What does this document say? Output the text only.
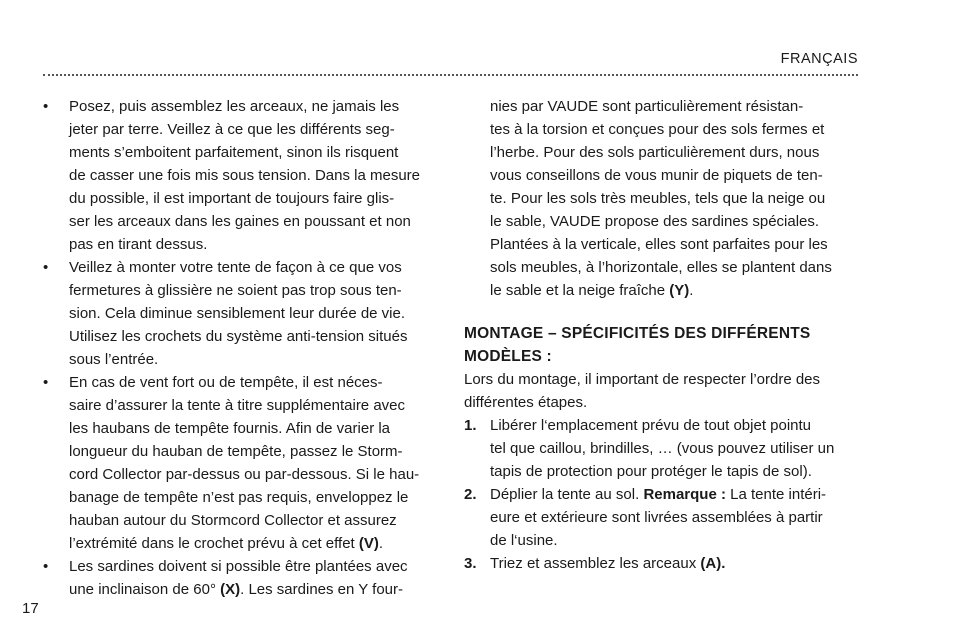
FRANÇAIS
• Posez, puis assemblez les arceaux, ne jamais les
jeter par terre. Veillez à ce que les différents seg-
ments s’emboitent parfaitement, sinon ils risquent
de casser une fois mis sous tension. Dans la mesure
du possible, il est important de toujours faire glis-
ser les arceaux dans les gaines en poussant et non
pas en tirant dessus.
• Veillez à monter votre tente de façon à ce que vos
fermetures à glissière ne soient pas trop sous ten-
sion. Cela diminue sensiblement leur durée de vie.
Utilisez les crochets du système anti-tension situés
sous l’entrée.
• En cas de vent fort ou de tempête, il est néces-
saire d’assurer la tente à titre supplémentaire avec
les haubans de tempête fournis. Afin de varier la
longueur du hauban de tempête, passez le Storm-
cord Collector par-dessus ou par-dessous. Si le hau-
banage de tempête n’est pas requis, enveloppez le
hauban autour du Stormcord Collector et assurez
l’extrémité dans le crochet prévu à cet effet (V).
• Les sardines doivent si possible être plantées avec
une inclinaison de 60° (X). Les sardines en Y four-
nies par VAUDE sont particulièrement résistan-
tes à la torsion et conçues pour des sols fermes et
l’herbe. Pour des sols particulièrement durs, nous
vous conseillons de vous munir de piquets de ten-
te. Pour les sols très meubles, tels que la neige ou
le sable, VAUDE propose des sardines spéciales.
Plantées à la verticale, elles sont parfaites pour les
sols meubles, à l’horizontale, elles se plantent dans
le sable et la neige fraîche (Y).
MONTAGE – SPÉCIFICITÉS DES DIFFÉRENTS
MODÈLES :
Lors du montage, il important de respecter l’ordre des
différentes étapes.
1. Libérer l‘emplacement prévu de tout objet pointu
tel que caillou, brindilles, … (vous pouvez utiliser un
tapis de protection pour protéger le tapis de sol).
2. Déplier la tente au sol. Remarque : La tente intéri-
eure et extérieure sont livrées assemblées à partir
de l‘usine.
3. Triez et assemblez les arceaux (A).
17
